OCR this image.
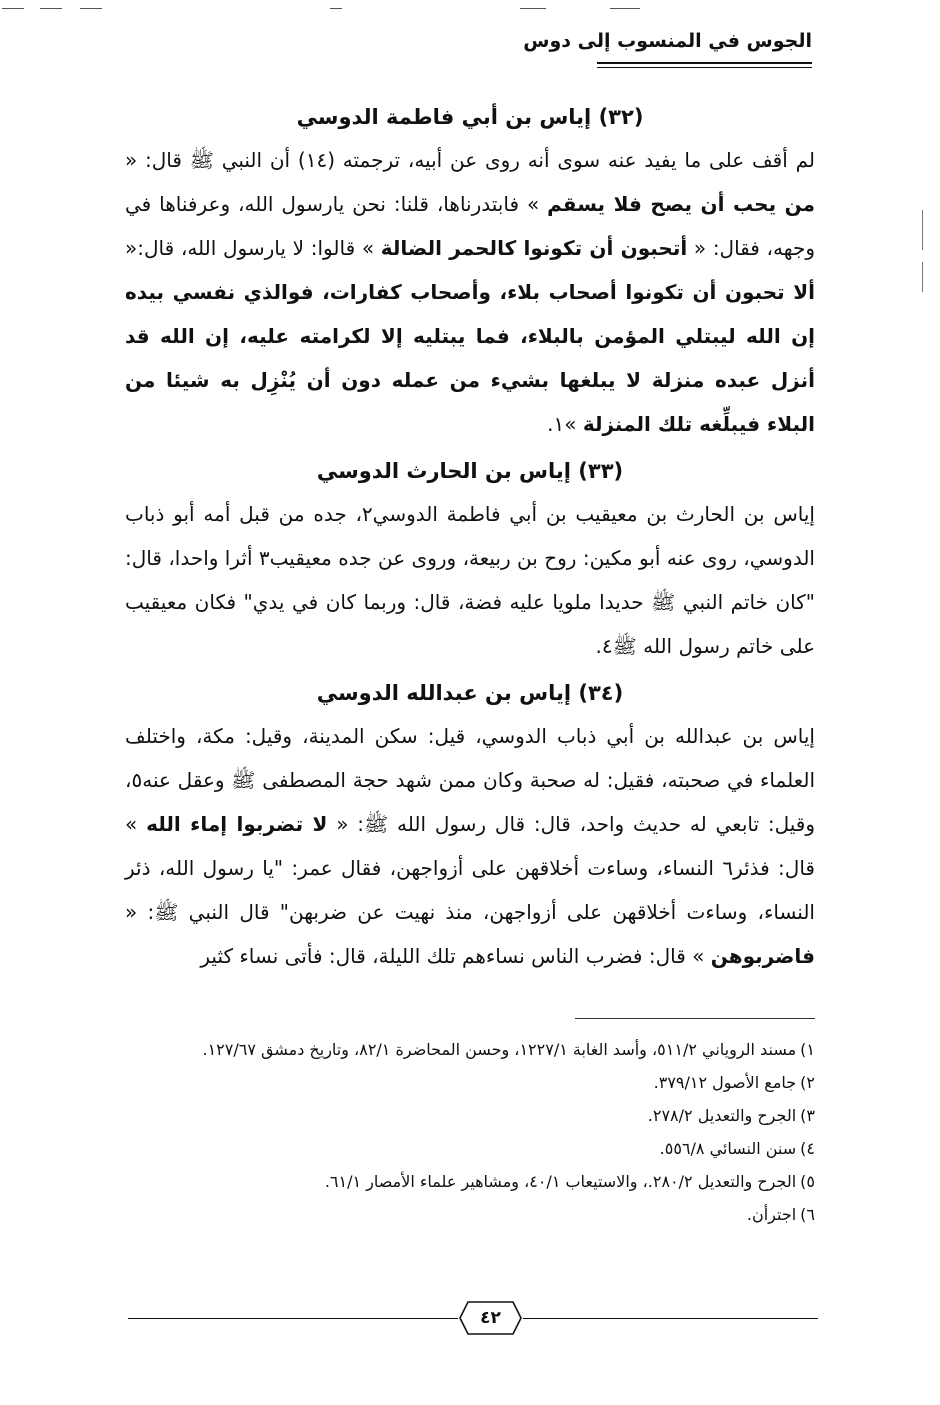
الجوس في المنسوب إلى دوس
(٣٢) إياس بن أبي فاطمة الدوسي

لم أقف على ما يفيد عنه سوى أنه روى عن أبيه، ترجمته (١٤) أن النبي ﷺ قال: « من يحب أن يصح فلا يسقم » فابتدرناها، قلنا: نحن يارسول الله، وعرفناها في وجهه، فقال: « أتحبون أن تكونوا كالحمر الضالة » قالوا: لا يارسول الله، قال:« ألا تحبون أن تكونوا أصحاب بلاء، وأصحاب كفارات، فوالذي نفسي بيده إن الله ليبتلي المؤمن بالبلاء، فما يبتليه إلا لكرامته عليه، إن الله قد أنزل عبده منزلة لا يبلغها بشيء من عمله دون أن يُنْزِل به شيئا من البلاء فيبلِّغه تلك المنزلة »١.

(٣٣) إياس بن الحارث الدوسي

إياس بن الحارث بن معيقيب بن أبي فاطمة الدوسي٢، جده من قبل أمه أبو ذباب الدوسي، روى عنه أبو مكين: روح بن ربيعة، وروى عن جده معيقيب٣ أثرا واحدا، قال: "كان خاتم النبي ﷺ حديدا ملويا عليه فضة، قال: وربما كان في يدي" فكان معيقيب على خاتم رسول الله ﷺ٤.

(٣٤) إياس بن عبدالله الدوسي

إياس بن عبدالله بن أبي ذباب الدوسي، قيل: سكن المدينة، وقيل: مكة، واختلف العلماء في صحبته، فقيل: له صحبة وكان ممن شهد حجة المصطفى ﷺ وعقل عنه٥، وقيل: تابعي له حديث واحد، قال: قال رسول الله ﷺ: « لا تضربوا إماء الله » قال: فذئر٦ النساء، وساءت أخلاقهن على أزواجهن، فقال عمر: "يا رسول الله، ذئر النساء، وساءت أخلاقهن على أزواجهن، منذ نهيت عن ضربهن" قال النبي ﷺ: « فاضربوهن » قال: فضرب الناس نساءهم تلك الليلة، قال: فأتى نساء كثير

١)مسند الروياني ٥١١/٢، وأسد الغابة ١٢٢٧/١، وحسن المحاضرة ٨٢/١، وتاريخ دمشق ١٢٧/٦٧.
٢)جامع الأصول ٣٧٩/١٢.
٣)الجرح والتعديل ٢٧٨/٢.
٤)سنن النسائي ٥٥٦/٨.
٥)الجرح والتعديل ٢٨٠/٢.، والاستيعاب ٤٠/١، ومشاهير علماء الأمصار ٦١/١.
٦)اجترأن.
٤٢
